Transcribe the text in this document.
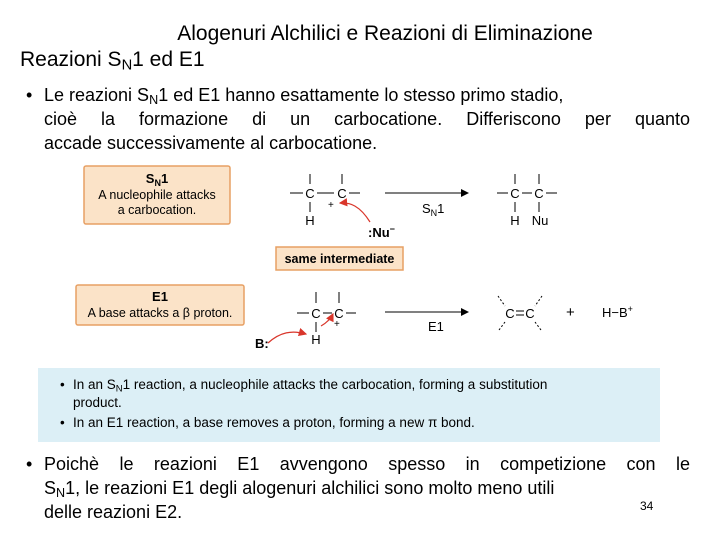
Alogenuri Alchilici e Reazioni di Eliminazione
Reazioni $S_N1$ ed E1
• Le reazioni $S_N1$ ed E1 hanno esattamente lo stesso primo stadio,
cioè la formazione di un carbocatione. Differiscono per quanto
accade successivamente al carbocatione.
$S_N1$
A nucleophile attacks
a carbocation.
C C
+
H
:Nu−
$S_N1$
C C
H Nu
same intermediate
E1
A base attacks a β proton.	C C
+
H
B:
E1
C C + H−B+
• In an $S_N1$ reaction, a nucleophile attacks the carbocation, forming a substitution
product.
• In an E1 reaction, a base removes a proton, forming a new π bond.
• Poichè le reazioni E1 avvengono spesso in competizione con le
$S_N1$, le reazioni E1 degli alogenuri alchilici sono molto meno utili
delle reazioni E2.	34
